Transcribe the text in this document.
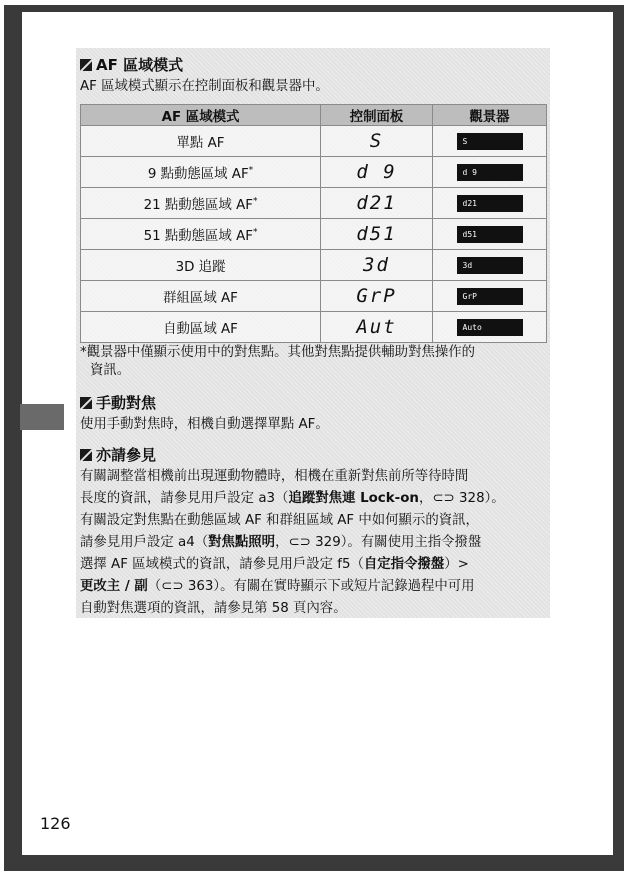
AF 區域模式
AF 區域模式顯示在控制面板和觀景器中。
AF 區域模式	控制面板	觀景器
單點 AF	S	S
9 點動態區域 AF*	d 9	d 9
21 點動態區域 AF*	d21	d21
51 點動態區域 AF*	d51	d51
3D 追蹤	3d	3d
群組區域 AF	GrP	GrP
自動區域 AF	Aut	Auto
*觀景器中僅顯示使用中的對焦點。其他對焦點提供輔助對焦操作的
資訊。
手動對焦
使用手動對焦時，相機自動選擇單點 AF。
亦請參見
有關調整當相機前出現運動物體時，相機在重新對焦前所等待時間
長度的資訊，請參見用戶設定 a3（追蹤對焦連 Lock-on，⊂⊃ 328）。
有關設定對焦點在動態區域 AF 和群組區域 AF 中如何顯示的資訊，
請參見用戶設定 a4（對焦點照明，⊂⊃ 329）。有關使用主指令撥盤
選擇 AF 區域模式的資訊，請參見用戶設定 f5（自定指令撥盤）>
更改主 / 副（⊂⊃ 363）。有關在實時顯示下或短片記錄過程中可用
自動對焦選項的資訊，請參見第 58 頁內容。
126
